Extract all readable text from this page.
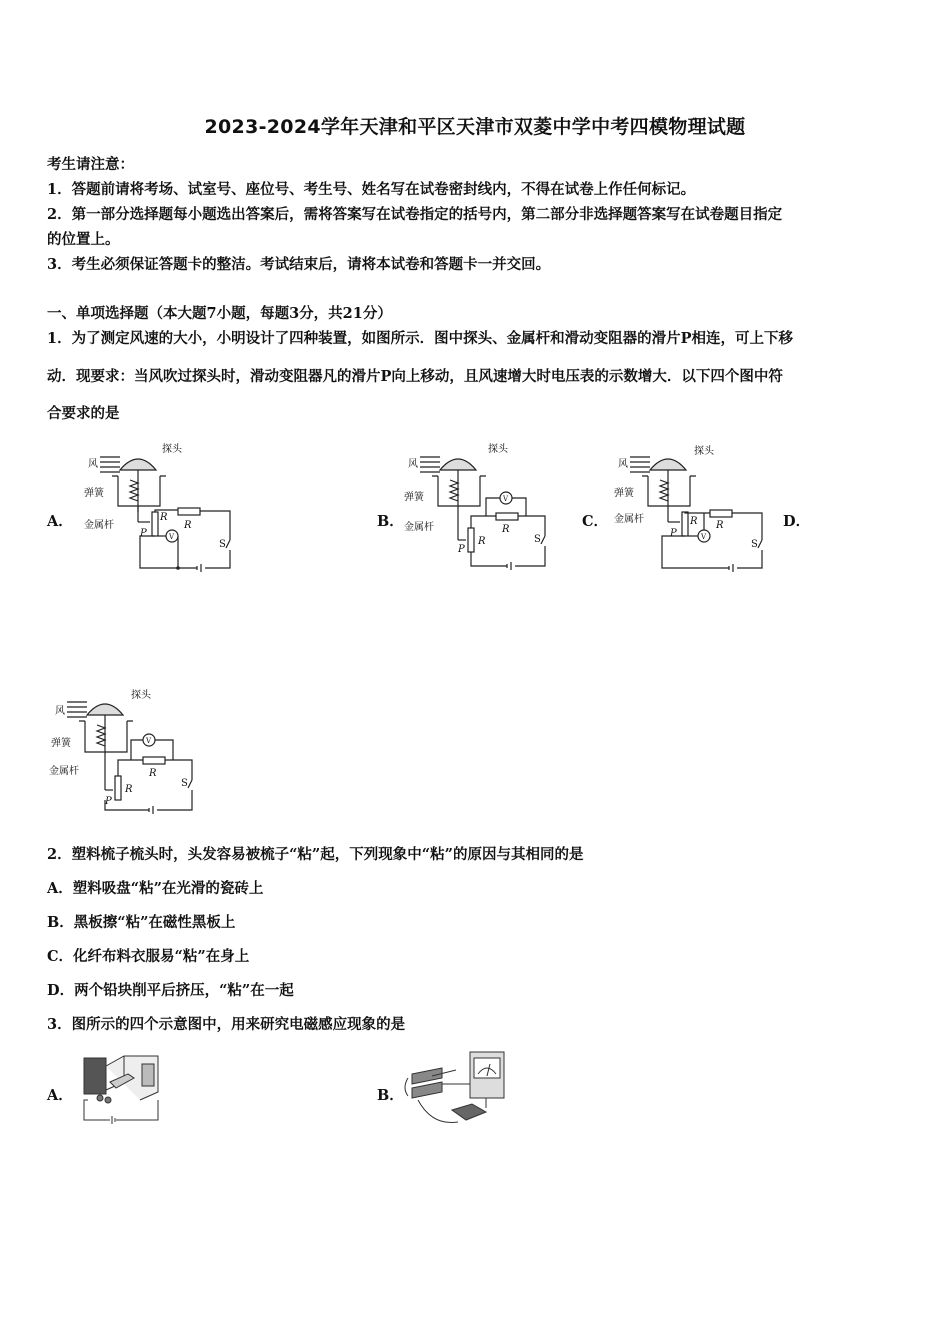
2023-2024学年天津和平区天津市双菱中学中考四模物理试题
考生请注意：
1．答题前请将考场、试室号、座位号、考生号、姓名写在试卷密封线内，不得在试卷上作任何标记。
2．第一部分选择题每小题选出答案后，需将答案写在试卷指定的括号内，第二部分非选择题答案写在试卷题目指定
的位置上。
3．考生必须保证答题卡的整洁。考试结束后，请将本试卷和答题卡一并交回。
一、单项选择题（本大题7小题，每题3分，共21分）
1．为了测定风速的大小，小明设计了四种装置，如图所示．图中探头、金属杆和滑动变阻器的滑片P相连，可上下移
动．现要求：当风吹过探头时，滑动变阻器凡的滑片P向上移动，且风速增大时电压表的示数增大．以下四个图中符
合要求的是
A．	B．	C．	D．
风
探头
弹簧
金属杆
P
R
R
V
S
风
探头
弹簧
金属杆
P
R
R
V
S
风
探头
弹簧
金属杆
P
R R
V
S
风
探头
弹簧
金属杆
P
R
R
V
S
2．塑料梳子梳头时，头发容易被梳子“粘”起，下列现象中“粘”的原因与其相同的是
A．塑料吸盘“粘”在光滑的瓷砖上
B．黑板擦“粘”在磁性黑板上
C．化纤布料衣服易“粘”在身上
D．两个铅块削平后挤压，“粘”在一起
3．图所示的四个示意图中，用来研究电磁感应现象的是
A．	B．
